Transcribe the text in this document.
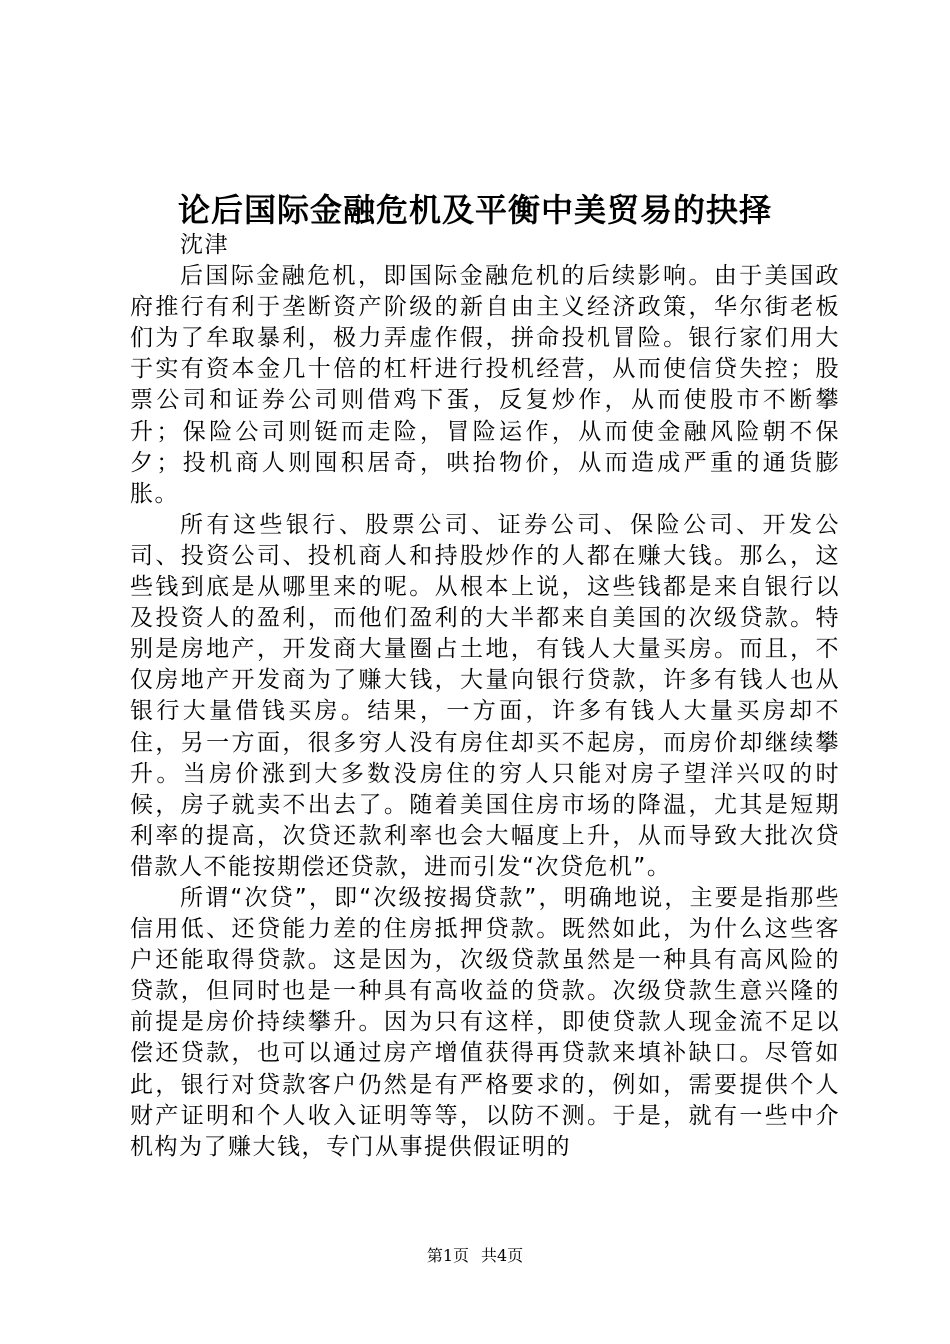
论后国际金融危机及平衡中美贸易的抉择

沈津

后国际金融危机，即国际金融危机的后续影响。由于美国政府推行有利于垄断资产阶级的新自由主义经济政策，华尔街老板们为了牟取暴利，极力弄虚作假，拼命投机冒险。银行家们用大于实有资本金几十倍的杠杆进行投机经营，从而使信贷失控；股票公司和证券公司则借鸡下蛋，反复炒作，从而使股市不断攀升；保险公司则铤而走险，冒险运作，从而使金融风险朝不保夕；投机商人则囤积居奇，哄抬物价，从而造成严重的通货膨胀。

所有这些银行、股票公司、证券公司、保险公司、开发公司、投资公司、投机商人和持股炒作的人都在赚大钱。那么，这些钱到底是从哪里来的呢。从根本上说，这些钱都是来自银行以及投资人的盈利，而他们盈利的大半都来自美国的次级贷款。特别是房地产，开发商大量圈占土地，有钱人大量买房。而且，不仅房地产开发商为了赚大钱，大量向银行贷款，许多有钱人也从银行大量借钱买房。结果，一方面，许多有钱人大量买房却不住，另一方面，很多穷人没有房住却买不起房，而房价却继续攀升。当房价涨到大多数没房住的穷人只能对房子望洋兴叹的时候，房子就卖不出去了。随着美国住房市场的降温，尤其是短期利率的提高，次贷还款利率也会大幅度上升，从而导致大批次贷借款人不能按期偿还贷款，进而引发“次贷危机”。

所谓“次贷”，即“次级按揭贷款”，明确地说，主要是指那些信用低、还贷能力差的住房抵押贷款。既然如此，为什么这些客户还能取得贷款。这是因为，次级贷款虽然是一种具有高风险的贷款，但同时也是一种具有高收益的贷款。次级贷款生意兴隆的前提是房价持续攀升。因为只有这样，即使贷款人现金流不足以偿还贷款，也可以通过房产增值获得再贷款来填补缺口。尽管如此，银行对贷款客户仍然是有严格要求的，例如，需要提供个人财产证明和个人收入证明等等，以防不测。于是，就有一些中介机构为了赚大钱，专门从事提供假证明的

第1页 共4页
